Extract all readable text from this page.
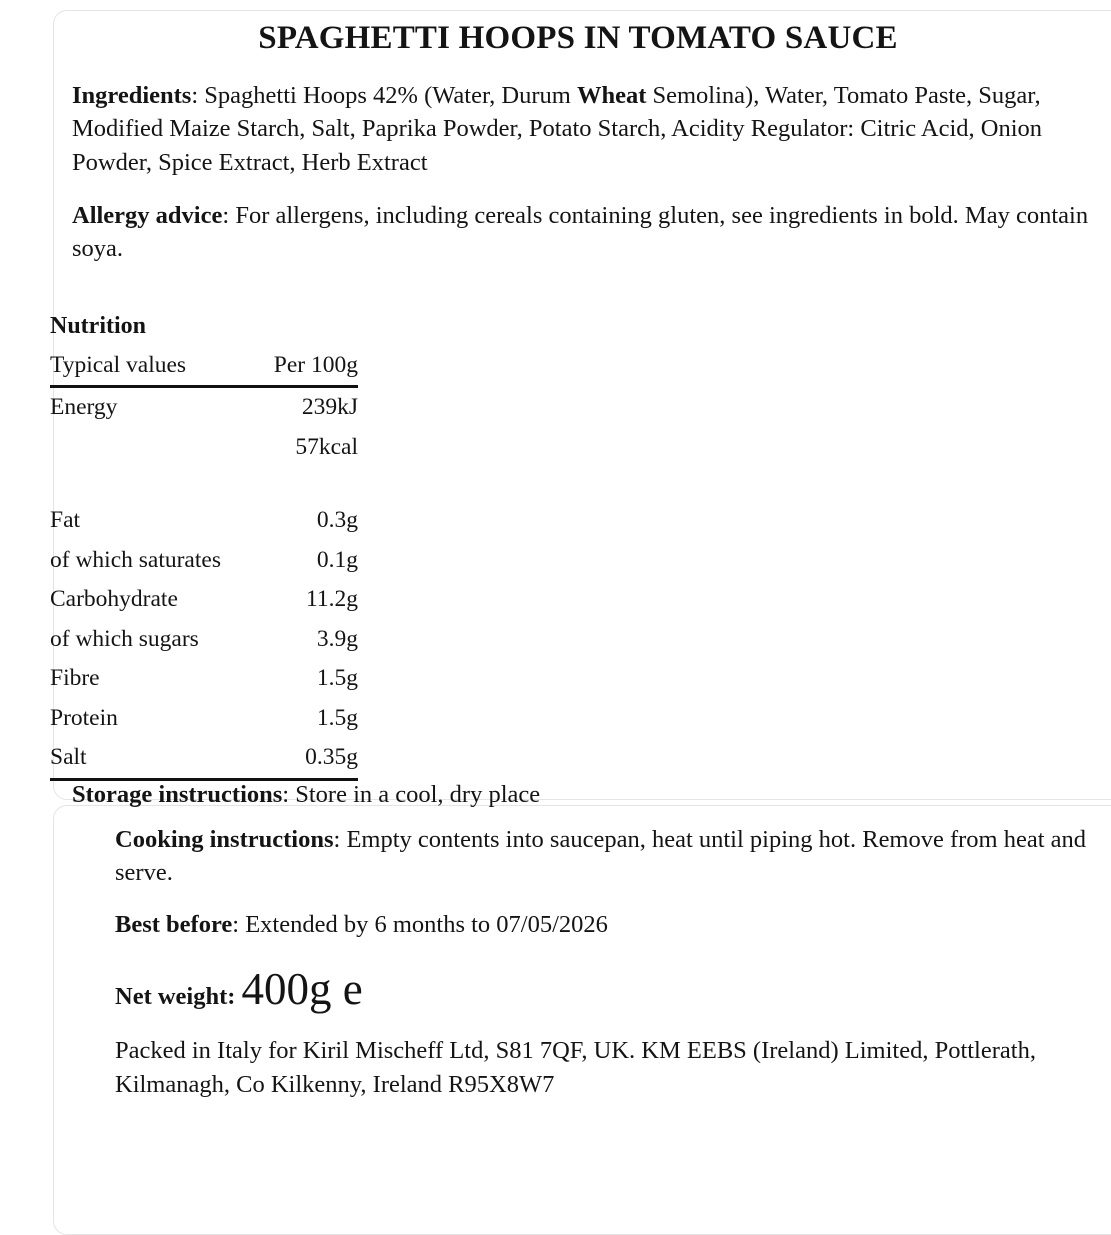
SPAGHETTI HOOPS IN TOMATO SAUCE

Ingredients: Spaghetti Hoops 42% (Water, Durum Wheat Semolina), Water, Tomato Paste, Sugar, Modified Maize Starch, Salt, Paprika Powder, Potato Starch, Acidity Regulator: Citric Acid, Onion Powder, Spice Extract, Herb Extract

Allergy advice: For allergens, including cereals containing gluten, see ingredients in bold. May contain soya.

Nutrition
Typical values	Per 100g
Energy	239kJ
	57kcal

Fat	0.3g
of which saturates	0.1g
Carbohydrate	11.2g
of which sugars	3.9g
Fibre	1.5g
Protein	1.5g
Salt	0.35g
Storage instructions: Store in a cool, dry place

Cooking instructions: Empty contents into saucepan, heat until piping hot. Remove from heat and serve.

Best before: Extended by 6 months to 07/05/2026

Net weight: 400g e

Packed in Italy for Kiril Mischeff Ltd, S81 7QF, UK. KM EEBS (Ireland) Limited, Pottlerath, Kilmanagh, Co Kilkenny, Ireland R95X8W7
